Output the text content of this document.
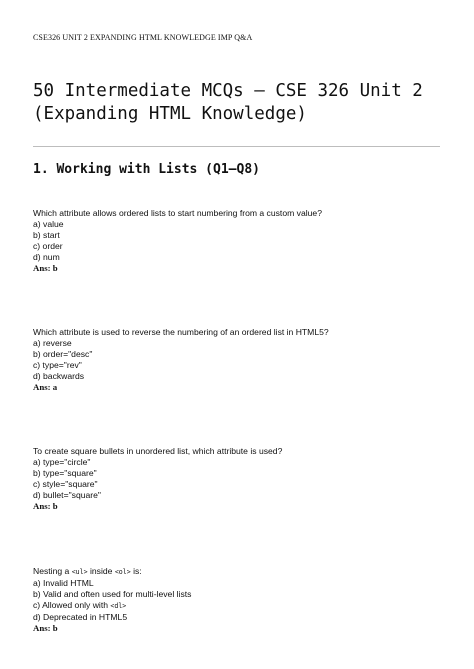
CSE326 UNIT 2 EXPANDING HTML KNOWLEDGE IMP Q&A
50 Intermediate MCQs – CSE 326 Unit 2
(Expanding HTML Knowledge)
1. Working with Lists (Q1–Q8)
Which attribute allows ordered lists to start numbering from a custom value?
a) value
b) start
c) order
d) num
Ans: b
Which attribute is used to reverse the numbering of an ordered list in HTML5?
a) reverse
b) order="desc"
c) type="rev"
d) backwards
Ans: a
To create square bullets in unordered list, which attribute is used?
a) type="circle"
b) type="square"
c) style="square"
d) bullet="square"
Ans: b
Nesting a <ul> inside <ol> is:
a) Invalid HTML
b) Valid and often used for multi-level lists
c) Allowed only with <dl>
d) Deprecated in HTML5
Ans: b
